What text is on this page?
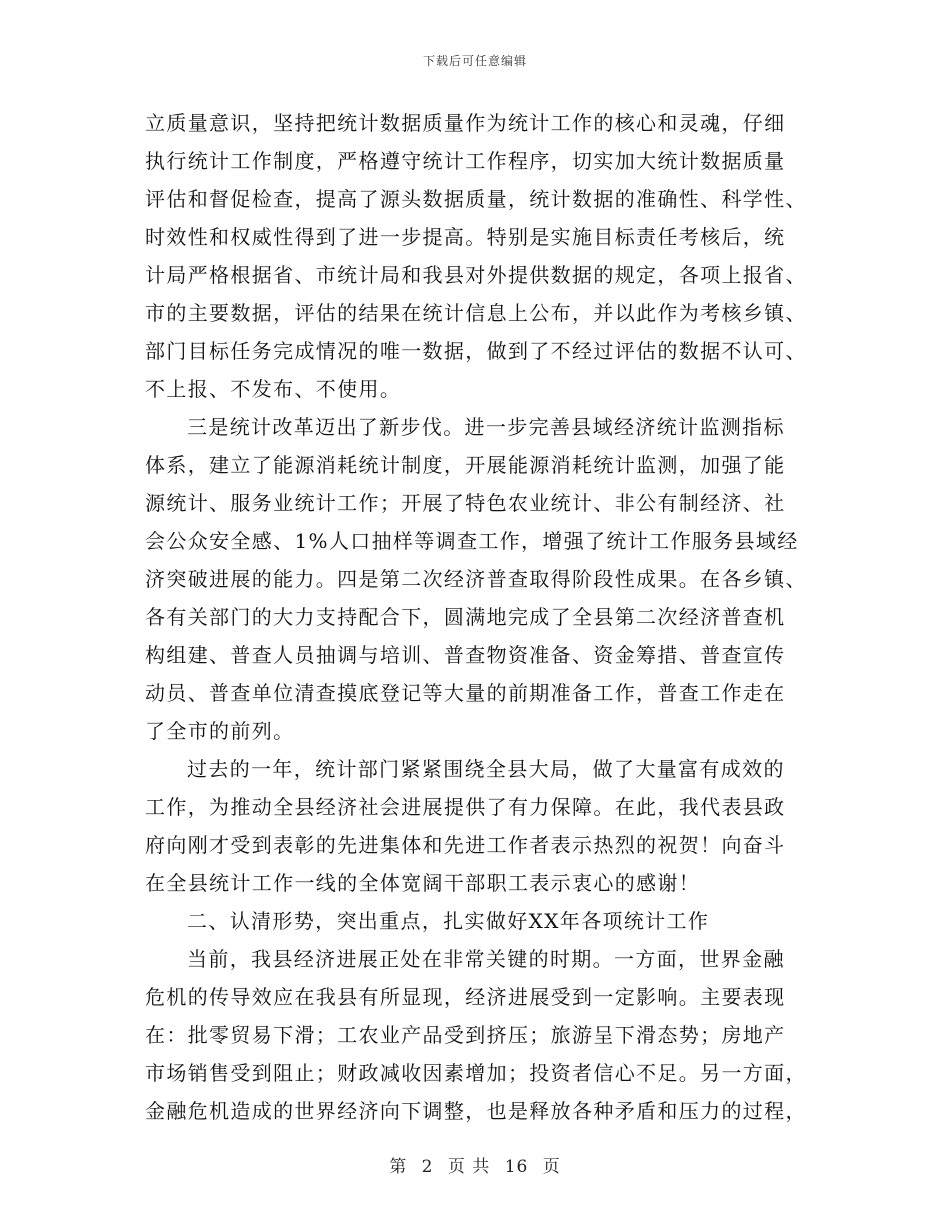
下载后可任意编辑
立质量意识，坚持把统计数据质量作为统计工作的核心和灵魂，仔细
执行统计工作制度，严格遵守统计工作程序，切实加大统计数据质量
评估和督促检查，提高了源头数据质量，统计数据的准确性、科学性、
时效性和权威性得到了进一步提高。特别是实施目标责任考核后，统
计局严格根据省、市统计局和我县对外提供数据的规定，各项上报省、
市的主要数据，评估的结果在统计信息上公布，并以此作为考核乡镇、
部门目标任务完成情况的唯一数据，做到了不经过评估的数据不认可、
不上报、不发布、不使用。
三是统计改革迈出了新步伐。进一步完善县域经济统计监测指标
体系，建立了能源消耗统计制度，开展能源消耗统计监测，加强了能
源统计、服务业统计工作；开展了特色农业统计、非公有制经济、社
会公众安全感、1%人口抽样等调查工作，增强了统计工作服务县域经
济突破进展的能力。四是第二次经济普查取得阶段性成果。在各乡镇、
各有关部门的大力支持配合下，圆满地完成了全县第二次经济普查机
构组建、普查人员抽调与培训、普查物资准备、资金筹措、普查宣传
动员、普查单位清查摸底登记等大量的前期准备工作，普查工作走在
了全市的前列。
过去的一年，统计部门紧紧围绕全县大局，做了大量富有成效的
工作，为推动全县经济社会进展提供了有力保障。在此，我代表县政
府向刚才受到表彰的先进集体和先进工作者表示热烈的祝贺！向奋斗
在全县统计工作一线的全体宽阔干部职工表示衷心的感谢！
二、认清形势，突出重点，扎实做好XX年各项统计工作
当前，我县经济进展正处在非常关键的时期。一方面，世界金融
危机的传导效应在我县有所显现，经济进展受到一定影响。主要表现
在：批零贸易下滑；工农业产品受到挤压；旅游呈下滑态势；房地产
市场销售受到阻止；财政减收因素增加；投资者信心不足。另一方面，
金融危机造成的世界经济向下调整，也是释放各种矛盾和压力的过程，
第 2 页 共 16 页
